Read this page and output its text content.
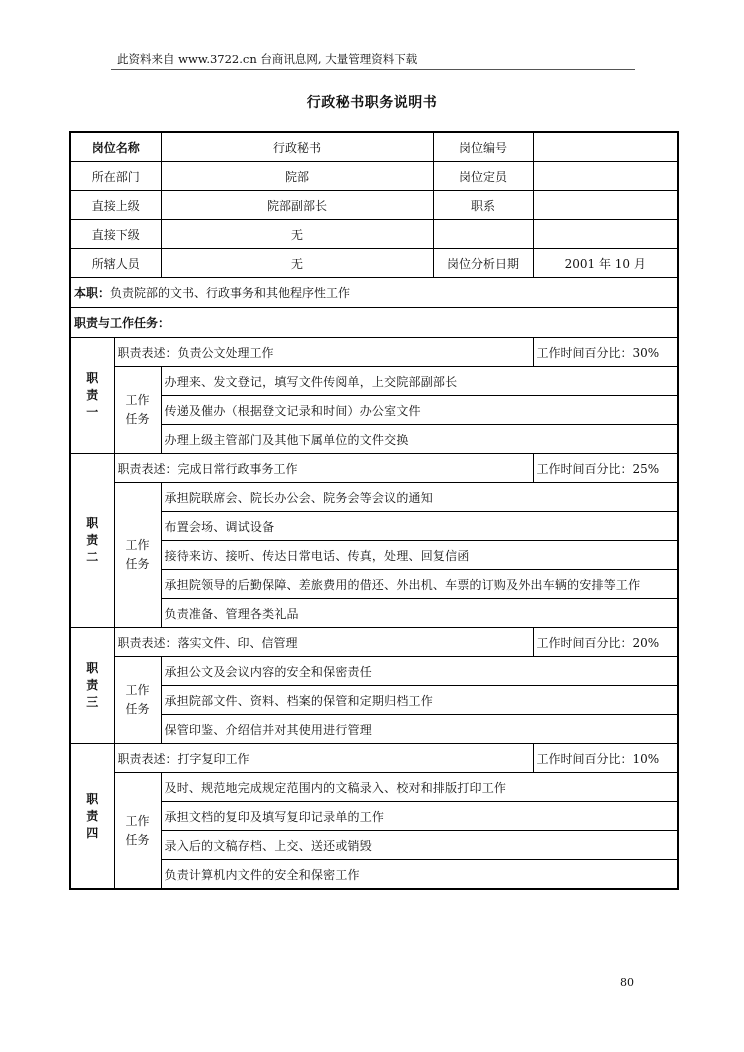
此资料来自 www.3722.cn 台商讯息网, 大量管理资料下载
行政秘书职务说明书
岗位名称		行政秘书	岗位编号	
所在部门		院部	岗位定员	
直接上级		院部副部长	职系	
直接下级		无		
所辖人员		无	岗位分析日期	2001 年 10 月
本职：负责院部的文书、行政事务和其他程序性工作				
职责与工作任务：				
职责一	职责表述：负责公文处理工作			工作时间百分比：30%
	工作任务	办理来、发文登记，填写文件传阅单，上交院部副部长		
		传递及催办（根据登文记录和时间）办公室文件		
		办理上级主管部门及其他下属单位的文件交换		
职责二	职责表述：完成日常行政事务工作			工作时间百分比：25%
	工作任务	承担院联席会、院长办公会、院务会等会议的通知		
		布置会场、调试设备		
		接待来访、接听、传达日常电话、传真，处理、回复信函		
		承担院领导的后勤保障、差旅费用的借还、外出机、车票的订购及外出车辆的安排等工作		
		负责准备、管理各类礼品		
职责三	职责表述：落实文件、印、信管理			工作时间百分比：20%
	工作任务	承担公文及会议内容的安全和保密责任		
		承担院部文件、资料、档案的保管和定期归档工作		
		保管印鉴、介绍信并对其使用进行管理		
职责四	职责表述：打字复印工作			工作时间百分比：10%
	工作任务	及时、规范地完成规定范围内的文稿录入、校对和排版打印工作		
		承担文档的复印及填写复印记录单的工作		
		录入后的文稿存档、上交、送还或销毁		
		负责计算机内文件的安全和保密工作		
80
